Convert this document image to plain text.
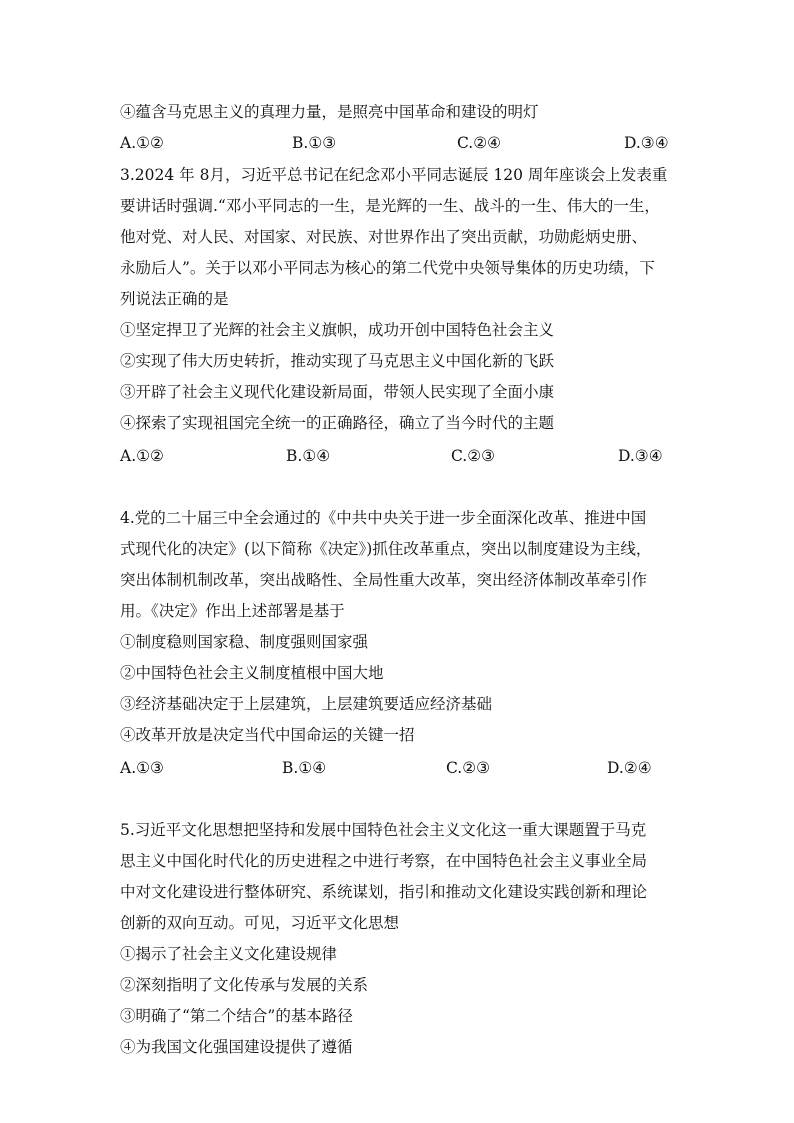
④蕴含马克思主义的真理力量，是照亮中国革命和建设的明灯
A.①②	B.①③	C.②④	D.③④
3.2024 年 8月，习近平总书记在纪念邓小平同志诞辰 120 周年座谈会上发表重
要讲话时强调.“邓小平同志的一生，是光辉的一生、战斗的一生、伟大的一生，
他对党、对人民、对国家、对民族、对世界作出了突出贡献，功勋彪炳史册、
永励后人”。关于以邓小平同志为核心的第二代党中央领导集体的历史功绩，下
列说法正确的是
①坚定捍卫了光辉的社会主义旗帜，成功开创中国特色社会主义
②实现了伟大历史转折，推动实现了马克思主义中国化新的飞跃
③开辟了社会主义现代化建设新局面，带领人民实现了全面小康
④探索了实现祖国完全统一的正确路径，确立了当今时代的主题
A.①②	B.①④	C.②③	D.③④
4.党的二十届三中全会通过的《中共中央关于进一步全面深化改革、推进中国
式现代化的决定》(以下简称《决定》)抓住改革重点，突出以制度建设为主线，
突出体制机制改革，突出战略性、全局性重大改革，突出经济体制改革牵引作
用。《决定》作出上述部署是基于
①制度稳则国家稳、制度强则国家强
②中国特色社会主义制度植根中国大地
③经济基础决定于上层建筑，上层建筑要适应经济基础
④改革开放是决定当代中国命运的关键一招
A.①③	B.①④	C.②③	D.②④
5.习近平文化思想把坚持和发展中国特色社会主义文化这一重大课题置于马克
思主义中国化时代化的历史进程之中进行考察，在中国特色社会主义事业全局
中对文化建设进行整体研究、系统谋划，指引和推动文化建设实践创新和理论
创新的双向互动。可见，习近平文化思想
①揭示了社会主义文化建设规律
②深刻指明了文化传承与发展的关系
③明确了“第二个结合”的基本路径
④为我国文化强国建设提供了遵循
